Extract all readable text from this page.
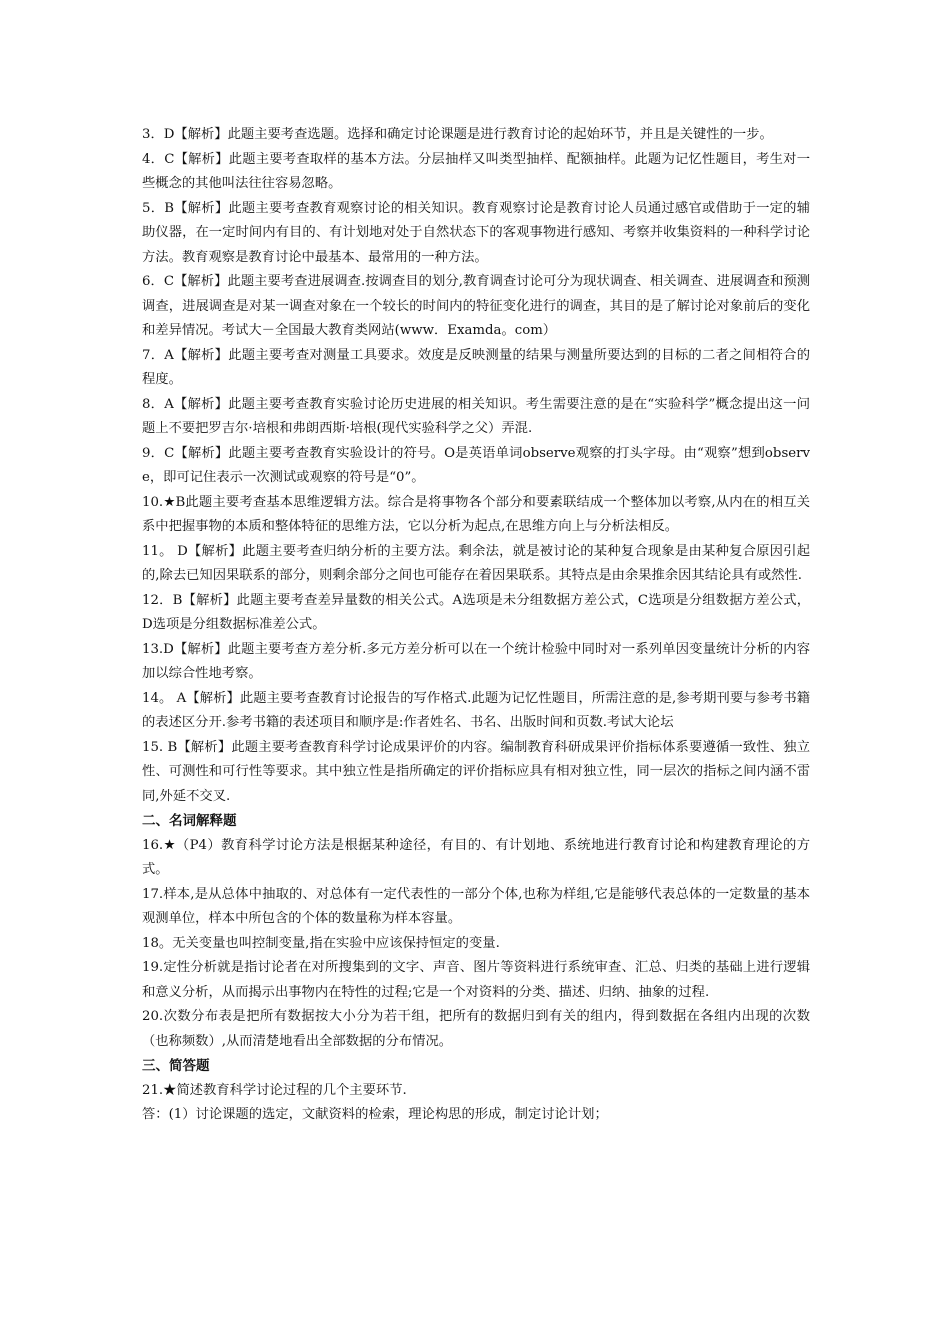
3．D【解析】此题主要考查选题。选择和确定讨论课题是进行教育讨论的起始环节，并且是关键性的一步。

4．C【解析】此题主要考查取样的基本方法。分层抽样又叫类型抽样、配额抽样。此题为记忆性题目，考生对一些概念的其他叫法往往容易忽略。

5．B【解析】此题主要考查教育观察讨论的相关知识。教育观察讨论是教育讨论人员通过感官或借助于一定的辅助仪器，在一定时间内有目的、有计划地对处于自然状态下的客观事物进行感知、考察并收集资料的一种科学讨论方法。教育观察是教育讨论中最基本、最常用的一种方法。

6．C【解析】此题主要考查进展调查.按调查目的划分,教育调查讨论可分为现状调查、相关调查、进展调查和预测调查，进展调查是对某一调查对象在一个较长的时间内的特征变化进行的调查，其目的是了解讨论对象前后的变化和差异情况。考试大－全国最大教育类网站(www．Examda。com）

7．A【解析】此题主要考查对测量工具要求。效度是反映测量的结果与测量所要达到的目标的二者之间相符合的程度。

8．A【解析】此题主要考查教育实验讨论历史进展的相关知识。考生需要注意的是在“实验科学”概念提出这一问题上不要把罗吉尔·培根和弗朗西斯·培根(现代实验科学之父）弄混.

9．C【解析】此题主要考查教育实验设计的符号。O是英语单词observe观察的打头字母。由“观察”想到observe，即可记住表示一次测试或观察的符号是“0”。

10.★B此题主要考查基本思维逻辑方法。综合是将事物各个部分和要素联结成一个整体加以考察,从内在的相互关系中把握事物的本质和整体特征的思维方法，它以分析为起点,在思维方向上与分析法相反。

11。 D【解析】此题主要考查归纳分析的主要方法。剩余法，就是被讨论的某种复合现象是由某种复合原因引起的,除去已知因果联系的部分，则剩余部分之间也可能存在着因果联系。其特点是由余果推余因其结论具有或然性.

12．B【解析】此题主要考查差异量数的相关公式。A选项是未分组数据方差公式，C选项是分组数据方差公式，D选项是分组数据标准差公式。

13.D【解析】此题主要考查方差分析.多元方差分析可以在一个统计检验中同时对一系列单因变量统计分析的内容加以综合性地考察。

14。 A【解析】此题主要考查教育讨论报告的写作格式.此题为记忆性题目，所需注意的是,参考期刊要与参考书籍的表述区分开.参考书籍的表述项目和顺序是:作者姓名、书名、出版时间和页数.考试大论坛

15. B【解析】此题主要考查教育科学讨论成果评价的内容。编制教育科研成果评价指标体系要遵循一致性、独立性、可测性和可行性等要求。其中独立性是指所确定的评价指标应具有相对独立性，同一层次的指标之间内涵不雷同,外延不交叉.

二、名词解释题

16.★（P4）教育科学讨论方法是根据某种途径，有目的、有计划地、系统地进行教育讨论和构建教育理论的方式。

17.样本,是从总体中抽取的、对总体有一定代表性的一部分个体,也称为样组,它是能够代表总体的一定数量的基本观测单位，样本中所包含的个体的数量称为样本容量。

18。无关变量也叫控制变量,指在实验中应该保持恒定的变量.

19.定性分析就是指讨论者在对所搜集到的文字、声音、图片等资料进行系统审查、汇总、归类的基础上进行逻辑和意义分析，从而揭示出事物内在特性的过程;它是一个对资料的分类、描述、归纳、抽象的过程.

20.次数分布表是把所有数据按大小分为若干组，把所有的数据归到有关的组内，得到数据在各组内出现的次数（也称频数）,从而清楚地看出全部数据的分布情况。

三、简答题

21.★简述教育科学讨论过程的几个主要环节.

答：(1）讨论课题的选定，文献资料的检索，理论构思的形成，制定讨论计划；
